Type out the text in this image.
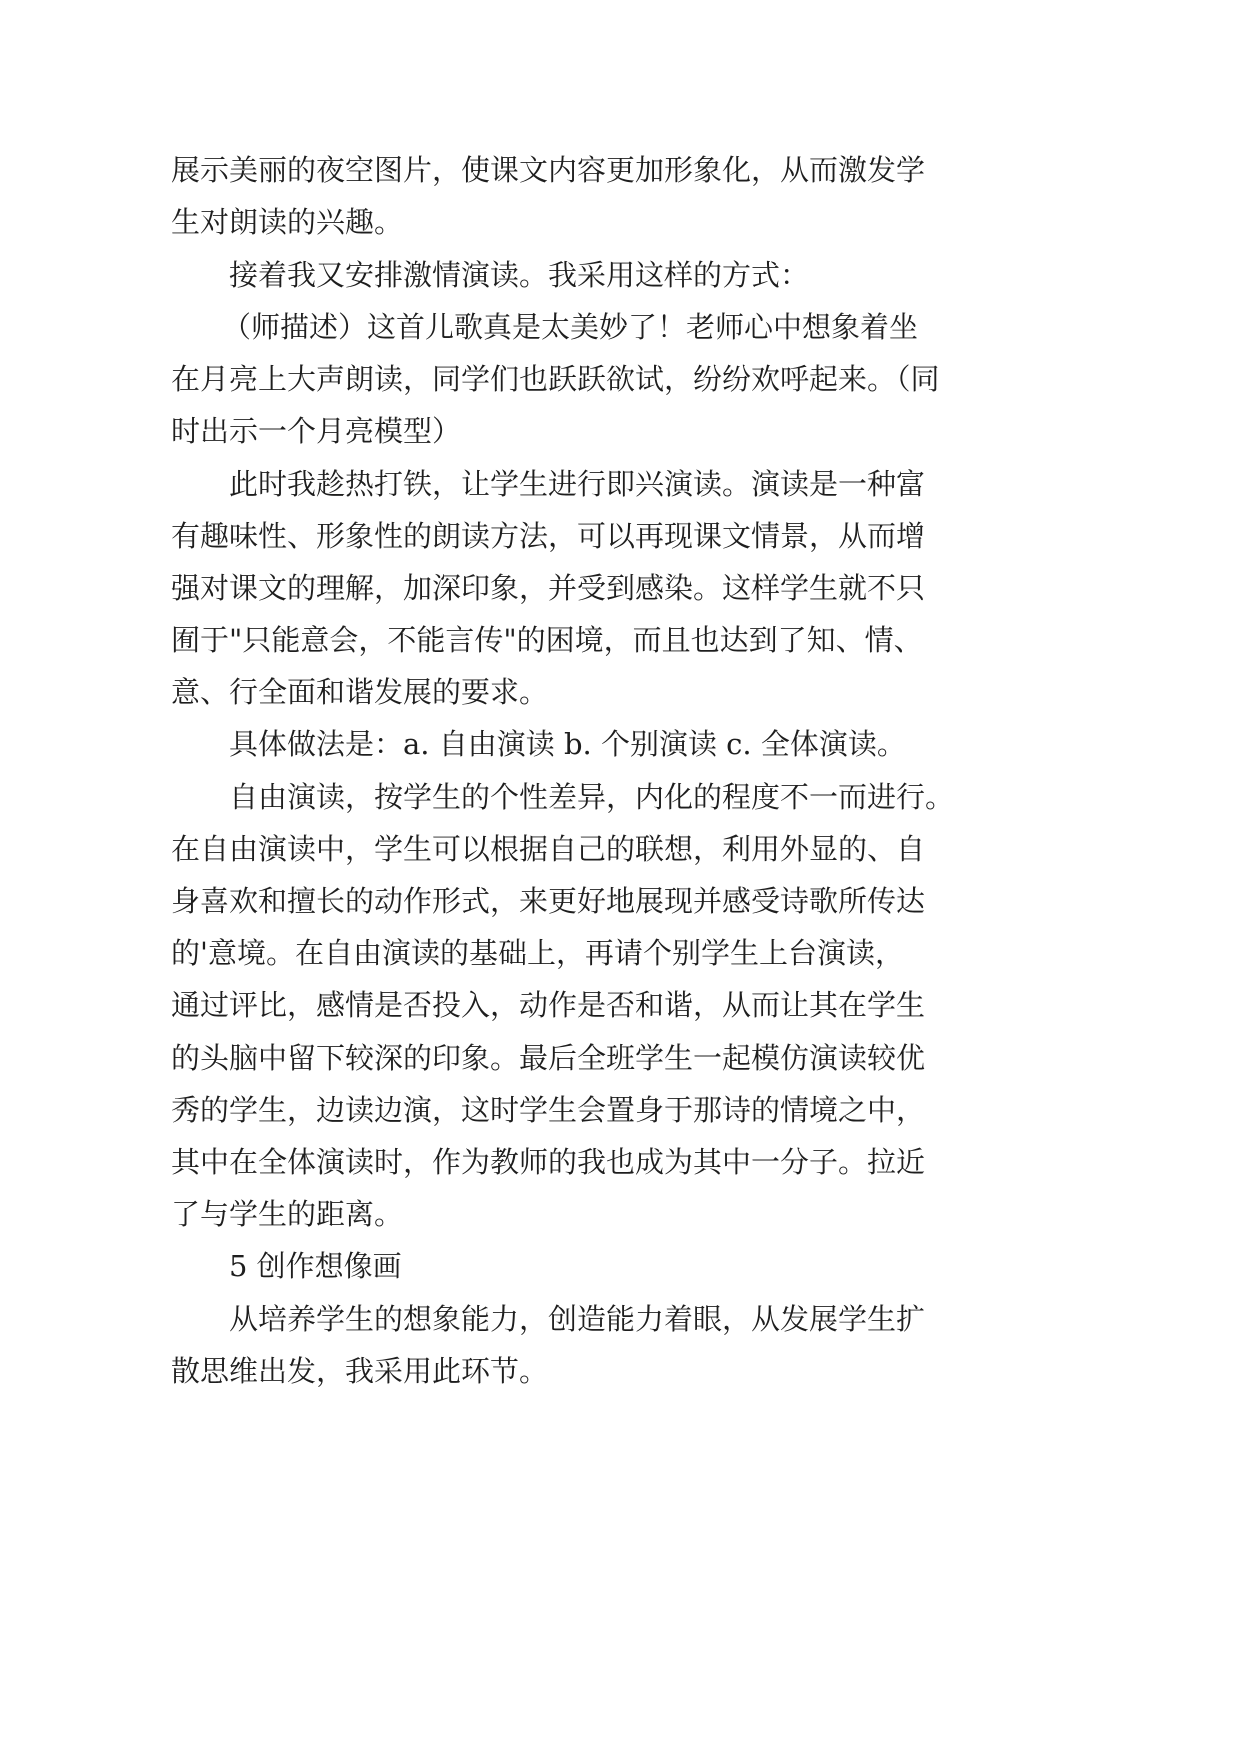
展示美丽的夜空图片，使课文内容更加形象化，从而激发学
生对朗读的兴趣。
接着我又安排激情演读。我采用这样的方式：
（师描述）这首儿歌真是太美妙了！老师心中想象着坐
在月亮上大声朗读，同学们也跃跃欲试，纷纷欢呼起来。（同
时出示一个月亮模型）
此时我趁热打铁，让学生进行即兴演读。演读是一种富
有趣味性、形象性的朗读方法，可以再现课文情景，从而增
强对课文的理解，加深印象，并受到感染。这样学生就不只
囿于"只能意会，不能言传"的困境，而且也达到了知、情、
意、行全面和谐发展的要求。
具体做法是：a. 自由演读 b. 个别演读 c. 全体演读。
自由演读，按学生的个性差异，内化的程度不一而进行。
在自由演读中，学生可以根据自己的联想，利用外显的、自
身喜欢和擅长的动作形式，来更好地展现并感受诗歌所传达
的'意境。在自由演读的基础上，再请个别学生上台演读，
通过评比，感情是否投入，动作是否和谐，从而让其在学生
的头脑中留下较深的印象。最后全班学生一起模仿演读较优
秀的学生，边读边演，这时学生会置身于那诗的情境之中，
其中在全体演读时，作为教师的我也成为其中一分子。拉近
了与学生的距离。
5 创作想像画
从培养学生的想象能力，创造能力着眼，从发展学生扩
散思维出发，我采用此环节。
